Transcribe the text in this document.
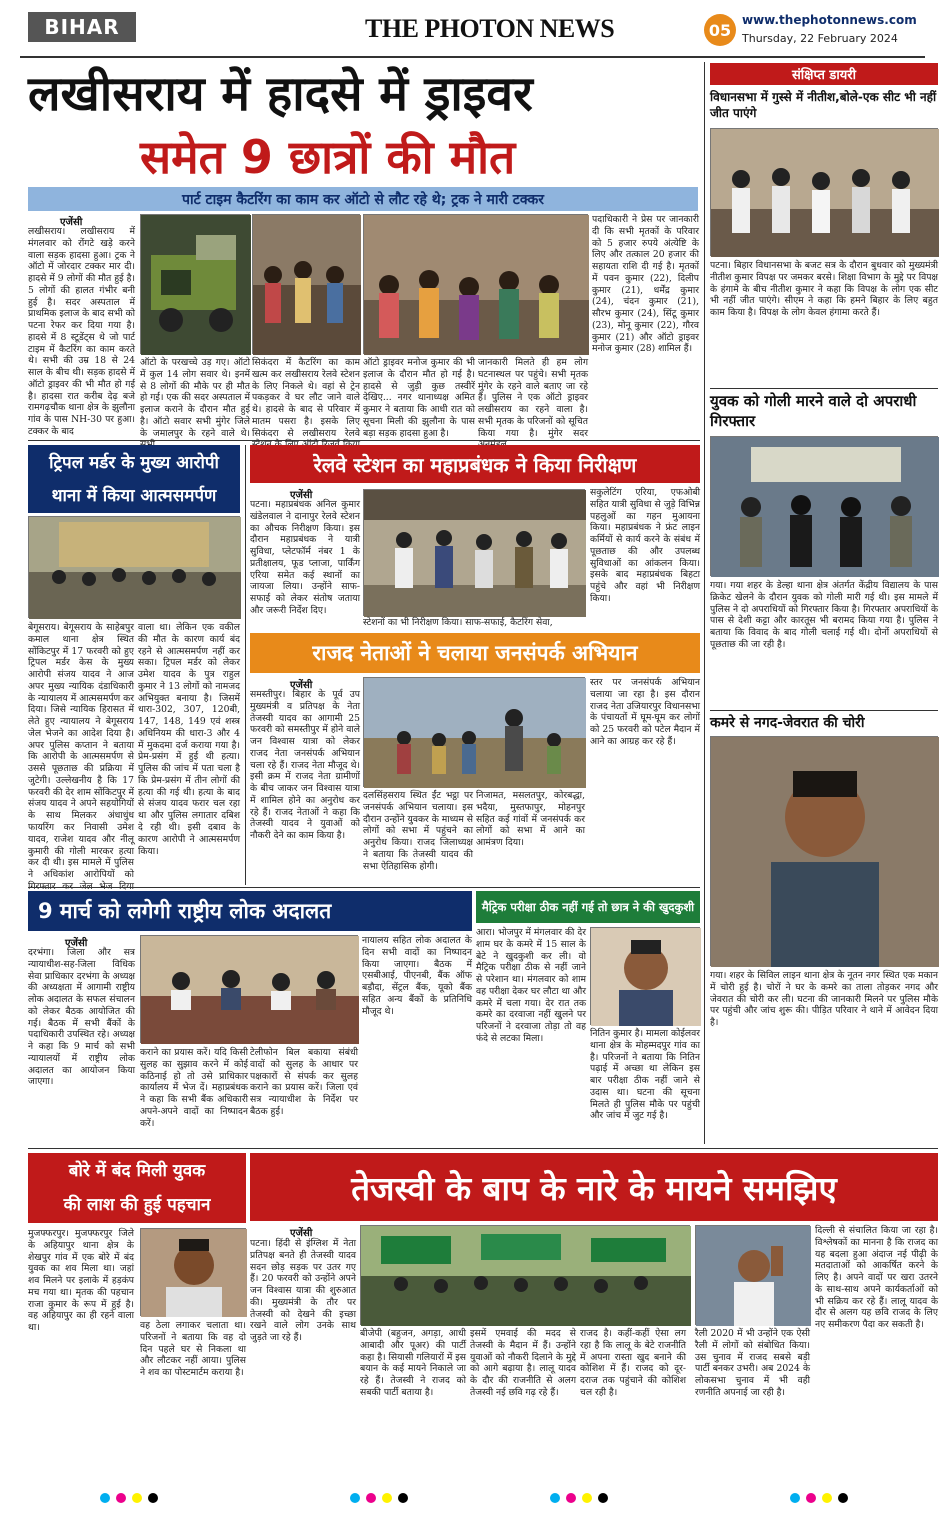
BIHAR	THE PHOTON NEWS	05
www.thephotonnews.com
Thursday, 22 February 2024
लखीसराय में हादसे में ड्राइवर
समेत 9 छात्रों की मौत
पार्ट टाइम कैटरिंग का काम कर ऑटो से लौट रहे थे; ट्रक ने मारी टक्कर
एजेंसी
लखीसराय। लखीसराय में मंगलवार को रोंगटे खड़े करने वाला सड़क हादसा हुआ। ट्रक ने ऑटो में जोरदार टक्कर मार दी। हादसे में 9 लोगों की मौत हुई है। 5 लोगों की हालत गंभीर बनी हुई है। सदर अस्पताल में प्राथमिक इलाज के बाद सभी को पटना रेफर कर दिया गया है। हादसे में 8 स्टूडेंट्स थे जो पार्ट टाइम में कैटरिंग का काम करते थे। सभी की उम्र 18 से 24 साल के बीच थी। सड़क हादसे में ऑटो ड्राइवर की भी मौत हो गई है। हादसा रात करीब देढ़ बजे रामगढ़चौक थाना क्षेत्र के झुलौना गांव के पास NH-30 पर हुआ। टक्कर के बाद
ऑटो के परखच्चे उड़ गए। ऑटो में कुल 14 लोग सवार थे। इनमें से 8 लोगों की मौके पर ही मौत हो गई। एक की सदर अस्पताल में इलाज कराने के दौरान मौत हुई है। ऑटो सवार सभी मुंगेर जिले के जमालपुर के रहने वाले थे।
सिकंदरा में कैटरिंग का काम खत्म कर लखीसराय रेलवे स्टेशन के लिए निकले थे। वहां से ट्रेन पकड़कर वे घर लौट जाने वाले थे। हादसे के बाद से परिवार में मातम पसरा है। इसके लिए सिकंदरा से लखीसराय रेलवे
ऑटो ड्राइवर मनोज कुमार की भी इलाज के दौरान मौत हो गई है। हादसे से जुड़ी कुछ तस्वीरें देखिए... नगर थानाध्यक्ष अमित कुमार ने बताया कि आधी रात को सूचना मिली की झुलौना के पास बड़ा सड़क हादसा हुआ है।
जानकारी मिलते ही हम लोग घटनास्थल पर पहुंचे। सभी मृतक मुंगेर के रहने वाले बताए जा रहे हैं। पुलिस ने एक ऑटो ड्राइवर लखीसराय का रहने वाला है। सभी मृतक के परिजनों को सूचित किया गया है। मुंगेर सदर
पदाधिकारी ने प्रेस पर जानकारी दी कि सभी मृतकों के परिवार को 5 हजार रुपये अंत्येष्टि के लिए और तत्काल 20 हजार की सहायता राशि दी गई है। मृतकों में पवन कुमार (22), दिलीप कुमार (21), धर्मेंद्र कुमार (24), चंदन कुमार (21), सौरभ कुमार (24), सिंटू कुमार (23), मोनू कुमार (22), गौरव कुमार (21) और ऑटो ड्राइवर मनोज कुमार (28) शामिल हैं।
ट्रिपल मर्डर के मुख्य आरोपी
थाना में किया आत्मसमर्पण
बेगूसराय। बेगूसराय के साहेबपुर कमाल थाना क्षेत्र स्थित सोंकिटपुर में 17 फरवरी को हुए ट्रिपल मर्डर केस के मुख्य आरोपी संजय यादव ने आज अपर मुख्य न्यायिक दंडाधिकारी के न्यायालय में आत्मसमर्पण कर दिया। जिसे न्यायिक हिरासत में लेते हुए न्यायालय ने बेगूसराय जेल भेजने का आदेश दिया है। अपर पुलिस कप्तान ने बताया कि आरोपी के आत्मसमर्पण से उससे पूछताछ की प्रक्रिया में जुटेगी। उल्लेखनीय है कि 17 फरवरी की देर शाम सोंकिटपुर में संजय यादव ने अपने सहयोगियों के साथ मिलकर अंधाधुंध फायरिंग कर निवासी उमेश यादव, राजेश यादव और नीलू कुमारी की गोली मारकर हत्या कर दी थी। इस मामले में पुलिस ने अधिकांश आरोपियों को
वाला था। लेकिन एक वकील की मौत के कारण कार्य बंद रहने से आत्मसमर्पण नहीं कर सका। ट्रिपल मर्डर को लेकर उमेश यादव के पुत्र राहुल कुमार ने 13 लोगों को नामजद अभियुक्त बनाया है। जिसमें धारा-302, 307, 120बी, 147, 148, 149 एवं शस्त्र अधिनियम की धारा-3 और 4 में मुकदमा दर्ज कराया गया है। प्रेम-प्रसंग में हुई थी हत्या। पुलिस की जांच में पता चला है कि प्रेम-प्रसंग में तीन लोगों की हत्या की गई थी। हत्या के बाद से संजय यादव फरार चल रहा था और पुलिस लगातार दबिश दे रही थी। इसी दबाव के कारण आरोपी ने आत्मसमर्पण किया।
रेलवे स्टेशन का महाप्रबंधक ने किया निरीक्षण
एजेंसी
पटना। महाप्रबंधक अनिल कुमार खंडेलवाल ने दानापुर रेलवे स्टेशन का औचक निरीक्षण किया। इस दौरान महाप्रबंधक ने यात्री सुविधा, प्लेटफॉर्म नंबर 1 के प्रतीक्षालय, फूड प्लाजा, पार्किंग एरिया समेत कई स्थानों का जायजा लिया। उन्होंने साफ-सफाई को लेकर संतोष जताया और जरूरी निर्देश दिए।
स्टेशनों का भी निरीक्षण किया। साफ-सफाई, कैटरिंग सेवा,
सकुलेटिंग एरिया, एफओबी सहित यात्री सुविधा से जुड़े विभिन्न पहलुओं का गहन मुआयना किया। महाप्रबंधक ने फ्रंट लाइन कर्मियों से कार्य करने के संबंध में पूछताछ की और उपलब्ध सुविधाओं का आंकलन किया। इसके बाद महाप्रबंधक बिहटा पहुंचे और वहां भी निरीक्षण किया।
राजद नेताओं ने चलाया जनसंपर्क अभियान
एजेंसी
समस्तीपुर। बिहार के पूर्व उप मुख्यमंत्री व प्रतिपक्ष के नेता तेजस्वी यादव का आगामी 25 फरवरी को समस्तीपुर में होने वाले जन विश्वास यात्रा को लेकर राजद नेता जनसंपर्क अभियान चला रहे हैं। राजद नेता मौजूद थे। इसी क्रम में राजद नेता ग्रामीणों के बीच जाकर जन विश्वास यात्रा में शामिल होने का अनुरोध कर रहे हैं। राजद नेताओं ने कहा कि तेजस्वी यादव ने युवाओं को नौकरी देने का काम किया है।
दलसिंहसराय स्थित ईंट भट्ठा पर जनसंपर्क अभियान चलाया। इस दौरान उन्होंने युवकर के माध्यम से लोगों को सभा में पहुंचने का अनुरोध किया। राजद जिलाध्यक्ष ने बताया कि तेजस्वी यादव की सभा ऐतिहासिक होगी।
निजामत, मसलतपुर, कोरबद्धा, भदैया, मुस्तफापुर, मोहनपुर सहित कई गांवों में जनसंपर्क कर लोगों को सभा में आने का आमंत्रण दिया।
स्तर पर जनसंपर्क अभियान चलाया जा रहा है। इस दौरान राजद नेता उजियारपुर विधानसभा के पंचायतों में घूम-घूम कर लोगों को 25 फरवरी को पटेल मैदान में आने का आग्रह कर रहे हैं।
9 मार्च को लगेगी राष्ट्रीय लोक अदालत
एजेंसी
दरभंगा। जिला और सत्र न्यायाधीश-सह-जिला विधिक सेवा प्राधिकार दरभंगा के अध्यक्ष की अध्यक्षता में आगामी राष्ट्रीय लोक अदालत के सफल संचालन को लेकर बैठक आयोजित की गई। बैठक में सभी बैंकों के पदाधिकारी उपस्थित रहे। अध्यक्ष ने कहा कि 9 मार्च को सभी न्यायालयों में राष्ट्रीय लोक अदालत का आयोजन किया जाएगा।
कराने का प्रयास करें। यदि किसी सुलह का सुझाव करने में कोई कठिनाई हो तो उसे प्राधिकार कार्यालय में भेज दें। महाप्रबंधक ने कहा कि सभी बैंक अधिकारी अपने-अपने वादों का निष्पादन करें।
टेलीफोन बिल बकाया संबंधी वादों को सुलह के आधार पर पक्षकारों से संपर्क कर सुलह कराने का प्रयास करें। जिला एवं सत्र न्यायाधीश के निर्देश पर बैठक हुई।
नायालय सहित लोक अदालत के दिन सभी वादों का निष्पादन किया जाएगा। बैठक में एसबीआई, पीएनबी, बैंक ऑफ बड़ौदा, सेंट्रल बैंक, यूको बैंक सहित अन्य बैंकों के प्रतिनिधि मौजूद थे।
मैट्रिक परीक्षा ठीक नहीं गई तो छात्र ने की खुदकुशी
आरा। भोजपुर में मंगलवार की देर शाम घर के कमरे में 15 साल के बेटे ने खुदकुशी कर ली। वो मैट्रिक परीक्षा ठीक से नहीं जाने से परेशान था। मंगलवार को शाम वह परीक्षा देकर घर लौटा था और कमरे में चला गया। देर रात तक कमरे का दरवाजा नहीं खुलने पर परिजनों ने दरवाजा तोड़ा तो वह फंदे से लटका मिला।	नितिन कुमार है। मामला कोईलवर थाना क्षेत्र के मोहम्मदपुर गांव का है। परिजनों ने बताया कि नितिन पढ़ाई में अच्छा था लेकिन इस बार परीक्षा ठीक नहीं जाने से उदास था। घटना की सूचना मिलते ही पुलिस मौके पर पहुंची और जांच में जुट गई है।
बोरे में बंद मिली युवक
की लाश की हुई पहचान
मुजफ्फरपुर। मुजफ्फरपुर जिले के अहियापुर थाना क्षेत्र के शेखपुर गांव में एक बोरे में बंद युवक का शव मिला था। जहां शव मिलने पर इलाके में हड़कंप मच गया था। मृतक की पहचान राजा कुमार के रूप में हुई है। वह अहियापुर का ही रहने वाला था।	वह ठेला लगाकर चलाता था। परिजनों ने बताया कि वह दो दिन पहले घर से निकला था और लौटकर नहीं आया। पुलिस ने शव का पोस्टमार्टम कराया है।
तेजस्वी के बाप के नारे के मायने समझिए
एजेंसी
पटना। हिंदी से इंग्लिश में नेता प्रतिपक्ष बनते ही तेजस्वी यादव सदन छोड़ सड़क पर उतर गए हैं। 20 फरवरी को उन्होंने अपने जन विश्वास यात्रा की शुरुआत की। मुख्यमंत्री के तौर पर तेजस्वी को देखने की इच्छा रखने वाले लोग उनके साथ जुड़ते जा रहे हैं।	बीजेपी (बहुजन, अगड़ा, आधी आबादी और पूअर) की पार्टी कहा है। सियासी गलियारों में इस बयान के कई मायने निकाले जा रहे हैं। तेजस्वी ने राजद को सबकी पार्टी बताया है।
इसमें एमवाई की मदद से तेजस्वी के मैदान में हैं। उन्होंने युवाओं को नौकरी दिलाने के मुद्दे को आगे बढ़ाया है। लालू यादव के दौर की राजनीति से अलग तेजस्वी नई छवि गढ़ रहे हैं।
राजद है। कहीं-कहीं ऐसा लग रहा है कि लालू के बेटे राजनीति में अपना रास्ता खुद बनाने की कोशिश में हैं। राजद को दूर-दराज तक पहुंचाने की कोशिश चल रही है।
रैली 2020 में भी उन्होंने एक ऐसी रैली में लोगों को संबोधित किया। उस चुनाव में राजद सबसे बड़ी पार्टी बनकर उभरी। अब 2024 के लोकसभा चुनाव में भी वही रणनीति अपनाई जा रही है।
दिल्ली से संचालित किया जा रहा है। विश्लेषकों का मानना है कि राजद का यह बदला हुआ अंदाज नई पीढ़ी के मतदाताओं को आकर्षित करने के लिए है। अपने वादों पर खरा उतरने के साथ-साथ अपने कार्यकर्ताओं को भी सक्रिय कर रहे हैं। लालू यादव के दौर से अलग यह छवि राजद के लिए नए समीकरण पैदा कर सकती है।
संक्षिप्त डायरी
विधानसभा में गुस्से में नीतीश,बोले-एक सीट भी नहीं जीत पाएंगे
पटना। बिहार विधानसभा के बजट सत्र के दौरान बुधवार को मुख्यमंत्री नीतीश कुमार विपक्ष पर जमकर बरसे। शिक्षा विभाग के मुद्दे पर विपक्ष के हंगामे के बीच नीतीश कुमार ने कहा कि विपक्ष के लोग एक सीट भी नहीं जीत पाएंगे। सीएम ने कहा कि हमने बिहार के लिए बहुत काम किया है। विपक्ष के लोग केवल हंगामा करते हैं।
युवक को गोली मारने वाले दो अपराधी गिरफ्तार
गया। गया शहर के डेल्हा थाना क्षेत्र अंतर्गत केंद्रीय विद्यालय के पास क्रिकेट खेलने के दौरान युवक को गोली मारी गई थी। इस मामले में पुलिस ने दो अपराधियों को गिरफ्तार किया है। गिरफ्तार अपराधियों के पास से देशी कट्टा और कारतूस भी बरामद किया गया है। पुलिस ने बताया कि विवाद के बाद गोली चलाई गई थी। दोनों अपराधियों से पूछताछ की जा रही है।
कमरे से नगद-जेवरात की चोरी
गया। शहर के सिविल लाइन थाना क्षेत्र के नूतन नगर स्थित एक मकान में चोरी हुई है। चोरों ने घर के कमरे का ताला तोड़कर नगद और जेवरात की चोरी कर ली। घटना की जानकारी मिलने पर पुलिस मौके पर पहुंची और जांच शुरू की। पीड़ित परिवार ने थाने में आवेदन दिया है।
